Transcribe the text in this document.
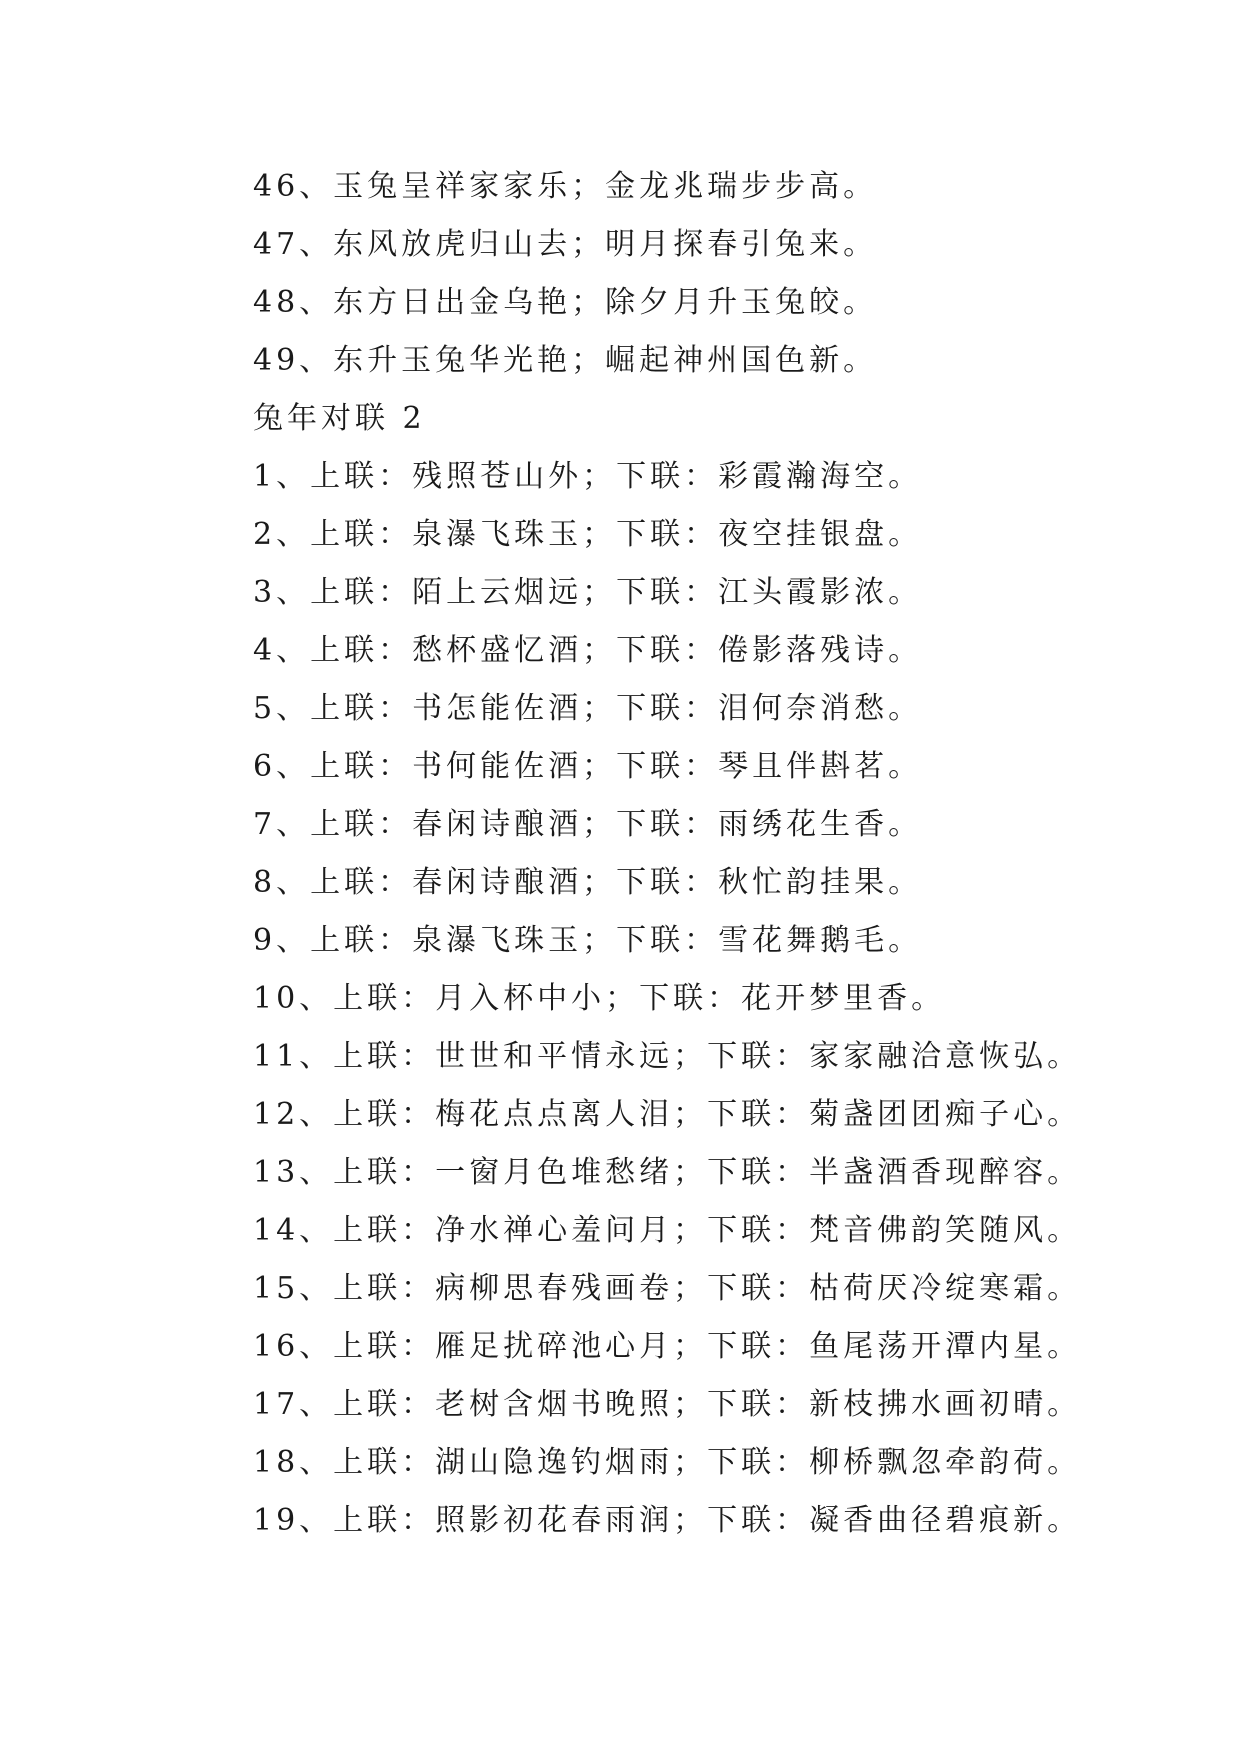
46、玉兔呈祥家家乐；金龙兆瑞步步高。
47、东风放虎归山去；明月探春引兔来。
48、东方日出金乌艳；除夕月升玉兔皎。
49、东升玉兔华光艳；崛起神州国色新。
兔年对联 2
1、上联：残照苍山外；下联：彩霞瀚海空。
2、上联：泉瀑飞珠玉；下联：夜空挂银盘。
3、上联：陌上云烟远；下联：江头霞影浓。
4、上联：愁杯盛忆酒；下联：倦影落残诗。
5、上联：书怎能佐酒；下联：泪何奈消愁。
6、上联：书何能佐酒；下联：琴且伴斟茗。
7、上联：春闲诗酿酒；下联：雨绣花生香。
8、上联：春闲诗酿酒；下联：秋忙韵挂果。
9、上联：泉瀑飞珠玉；下联：雪花舞鹅毛。
10、上联：月入杯中小；下联：花开梦里香。
11、上联：世世和平情永远；下联：家家融洽意恢弘。
12、上联：梅花点点离人泪；下联：菊盏团团痴子心。
13、上联：一窗月色堆愁绪；下联：半盏酒香现醉容。
14、上联：净水禅心羞问月；下联：梵音佛韵笑随风。
15、上联：病柳思春残画卷；下联：枯荷厌冷绽寒霜。
16、上联：雁足扰碎池心月；下联：鱼尾荡开潭内星。
17、上联：老树含烟书晚照；下联：新枝拂水画初晴。
18、上联：湖山隐逸钓烟雨；下联：柳桥飘忽牵韵荷。
19、上联：照影初花春雨润；下联：凝香曲径碧痕新。
